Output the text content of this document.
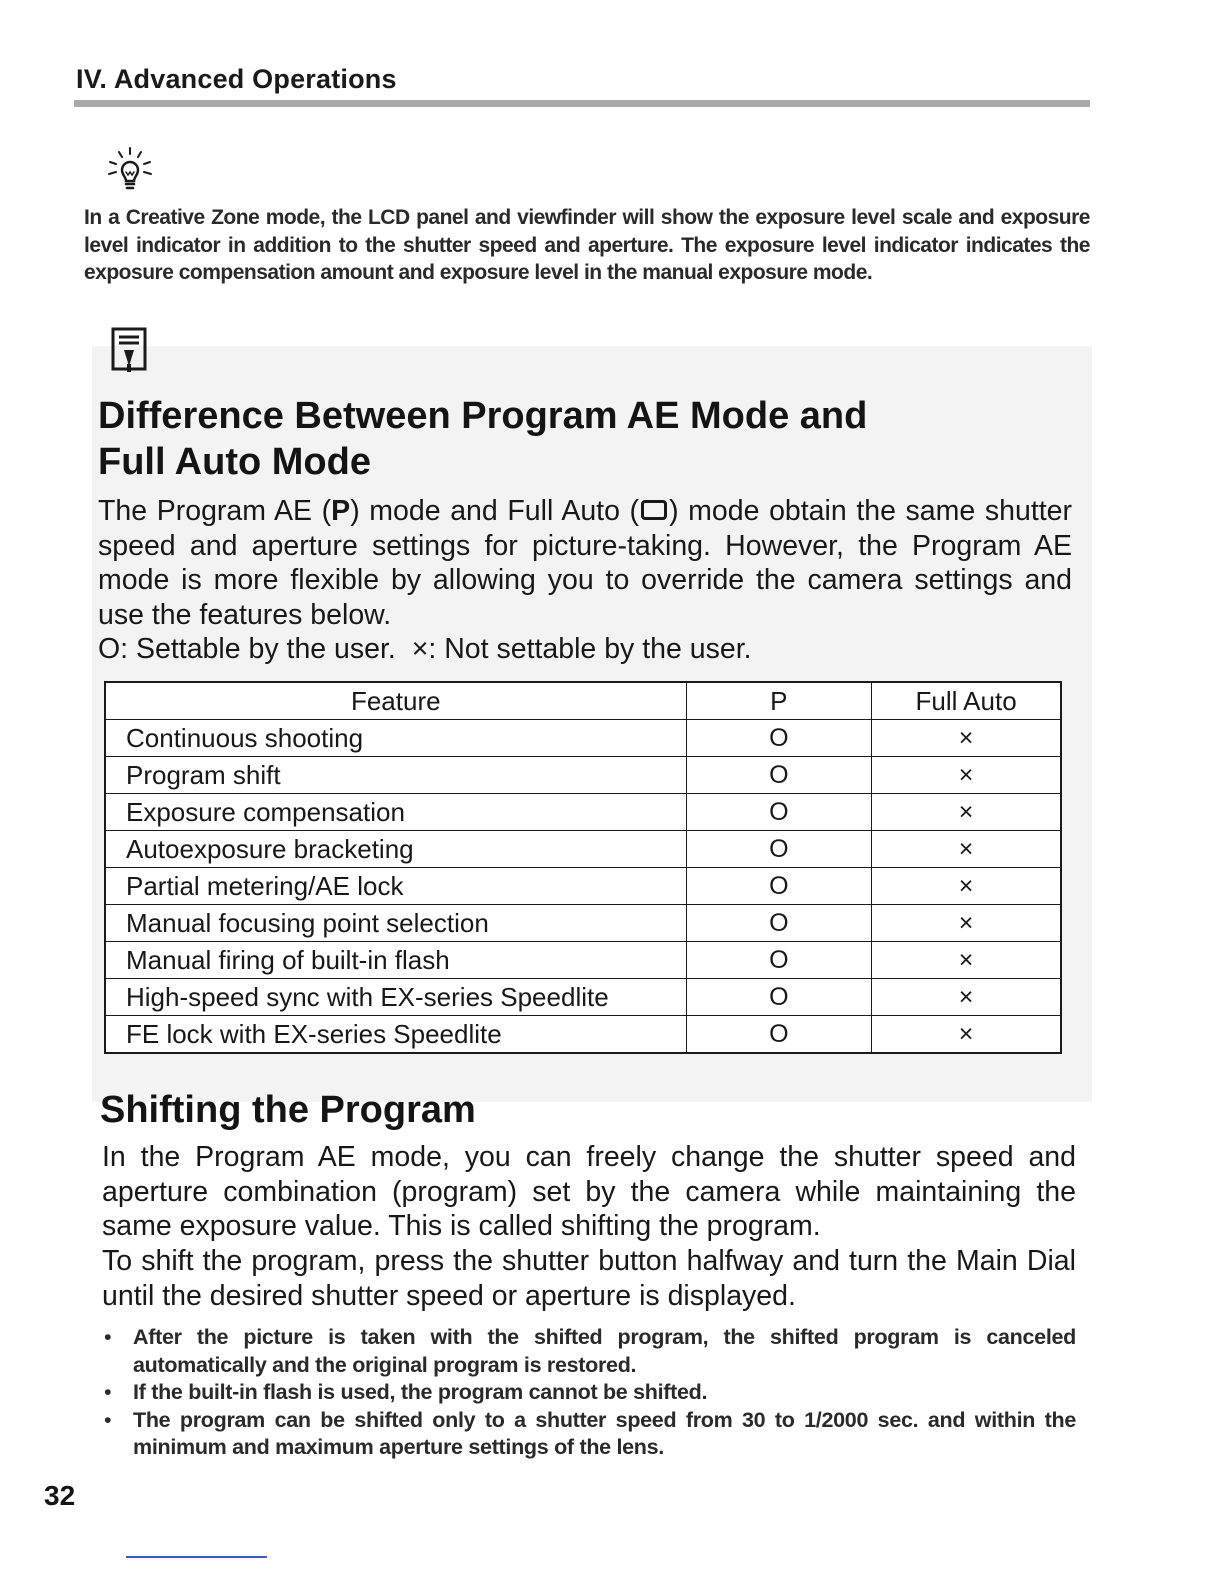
IV. Advanced Operations
In a Creative Zone mode, the LCD panel and viewfinder will show the exposure level scale and exposure level indicator in addition to the shutter speed and aperture. The exposure level indicator indicates the exposure compensation amount and exposure level in the manual exposure mode.
Difference Between Program AE Mode and
Full Auto Mode
The Program AE (P) mode and Full Auto ( ) mode obtain the same shutter speed and aperture settings for picture-taking. However, the Program AE mode is more flexible by allowing you to override the camera settings and use the features below.
O: Settable by the user. ×: Not settable by the user.
Feature	P	Full Auto
Continuous shooting	O	×
Program shift	O	×
Exposure compensation	O	×
Autoexposure bracketing	O	×
Partial metering/AE lock	O	×
Manual focusing point selection	O	×
Manual firing of built-in flash	O	×
High-speed sync with EX-series Speedlite	O	×
FE lock with EX-series Speedlite	O	×
Shifting the Program
In the Program AE mode, you can freely change the shutter speed and aperture combination (program) set by the camera while maintaining the same exposure value. This is called shifting the program.
To shift the program, press the shutter button halfway and turn the Main Dial until the desired shutter speed or aperture is displayed.
• After the picture is taken with the shifted program, the shifted program is canceled automatically and the original program is restored.
• If the built-in flash is used, the program cannot be shifted.
• The program can be shifted only to a shutter speed from 30 to 1/2000 sec. and within the minimum and maximum aperture settings of the lens.
32
